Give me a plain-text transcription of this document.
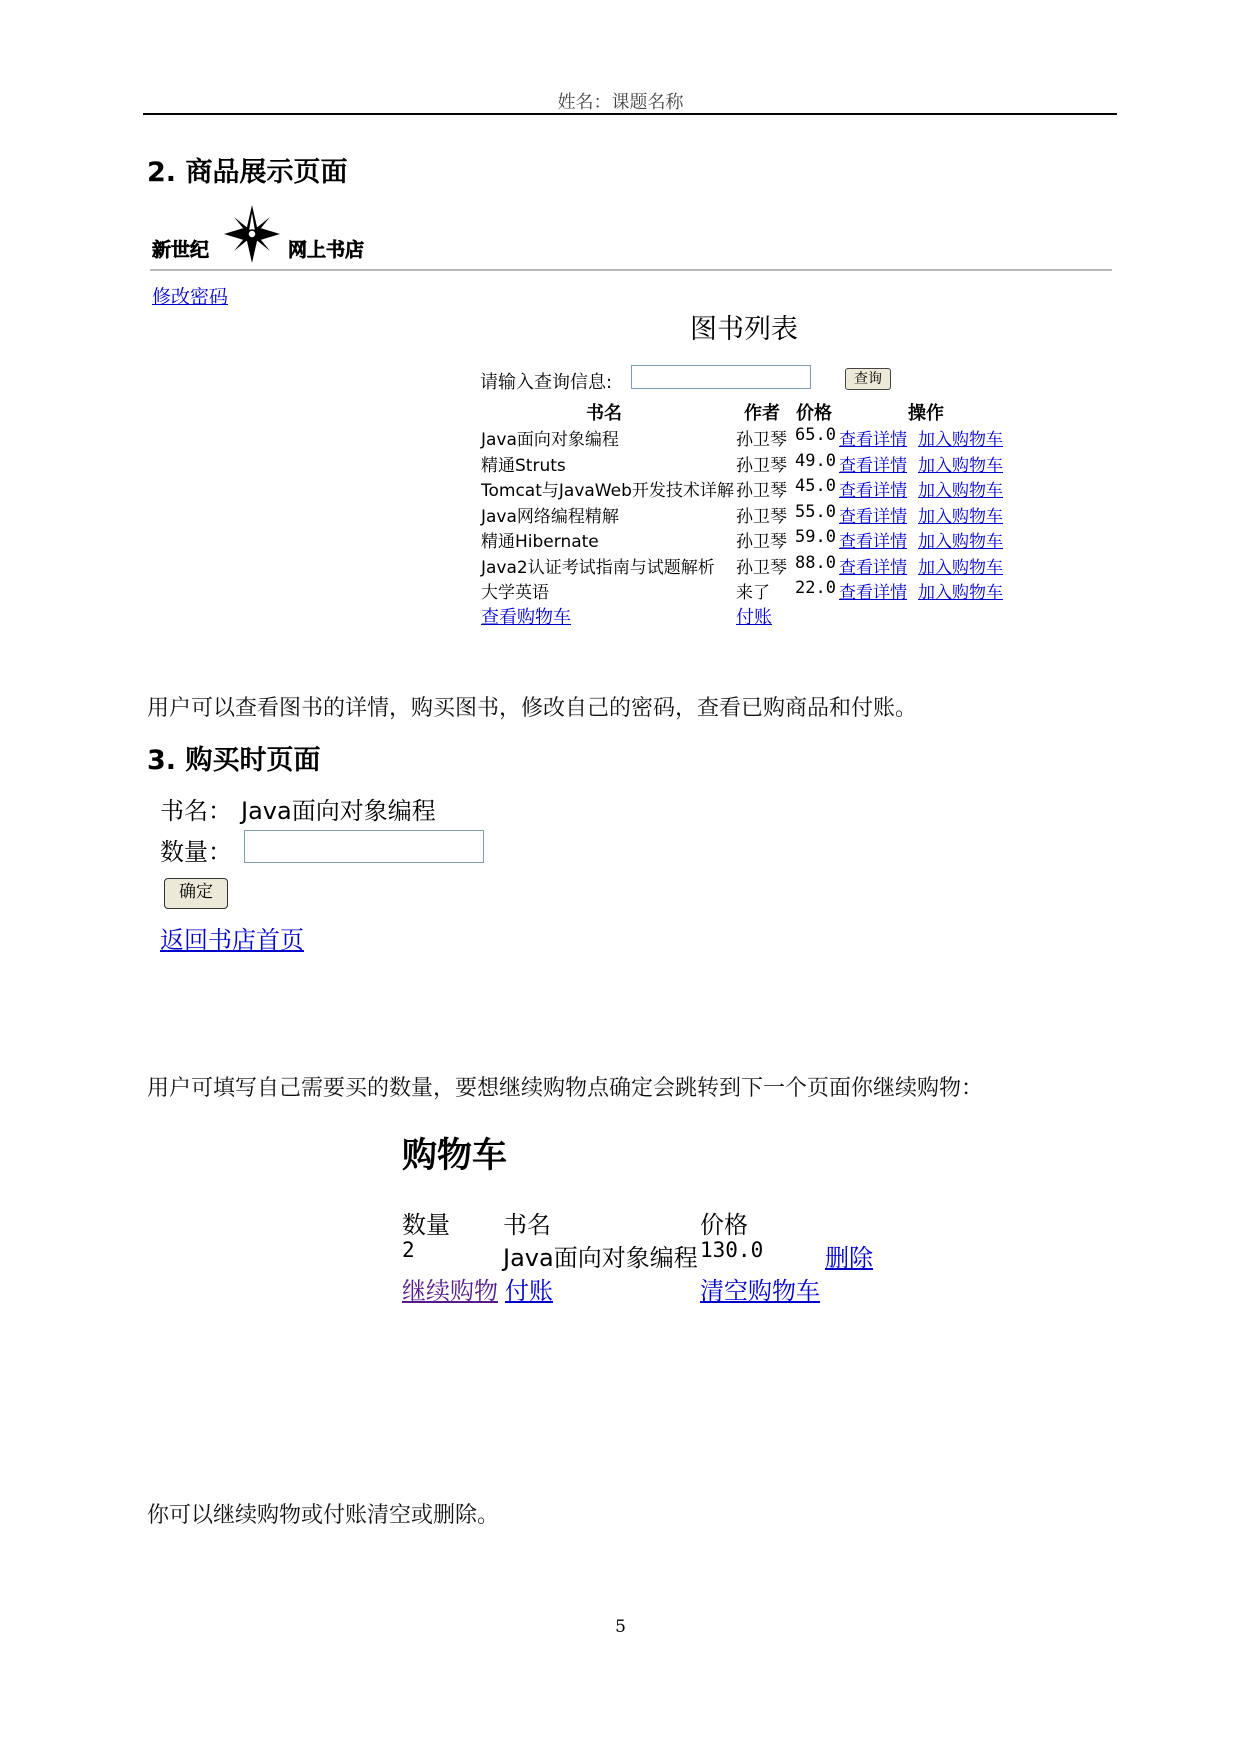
姓名：课题名称
2. 商品展示页面
新世纪	网上书店
修改密码
图书列表
请输入查询信息:	查询
书名	作者 价格	操作
Java面向对象编程	孙卫琴 65.0 查看详情 加入购物车
精通Struts	孙卫琴 49.0 查看详情 加入购物车
Tomcat与JavaWeb开发技术详解 孙卫琴 45.0 查看详情 加入购物车
Java网络编程精解	孙卫琴 55.0 查看详情 加入购物车
精通Hibernate	孙卫琴 59.0 查看详情 加入购物车
Java2认证考试指南与试题解析 孙卫琴 88.0 查看详情 加入购物车
大学英语	来了 22.0 查看详情 加入购物车
查看购物车	付账
用户可以查看图书的详情，购买图书，修改自己的密码，查看已购商品和付账。
3. 购买时页面
书名： Java面向对象编程
数量：
确定
返回书店首页
用户可填写自己需要买的数量，要想继续购物点确定会跳转到下一个页面你继续购物：
购物车
数量 书名	价格
2	Java面向对象编程 130.0	删除
继续购物 付账	清空购物车
你可以继续购物或付账清空或删除。
5
